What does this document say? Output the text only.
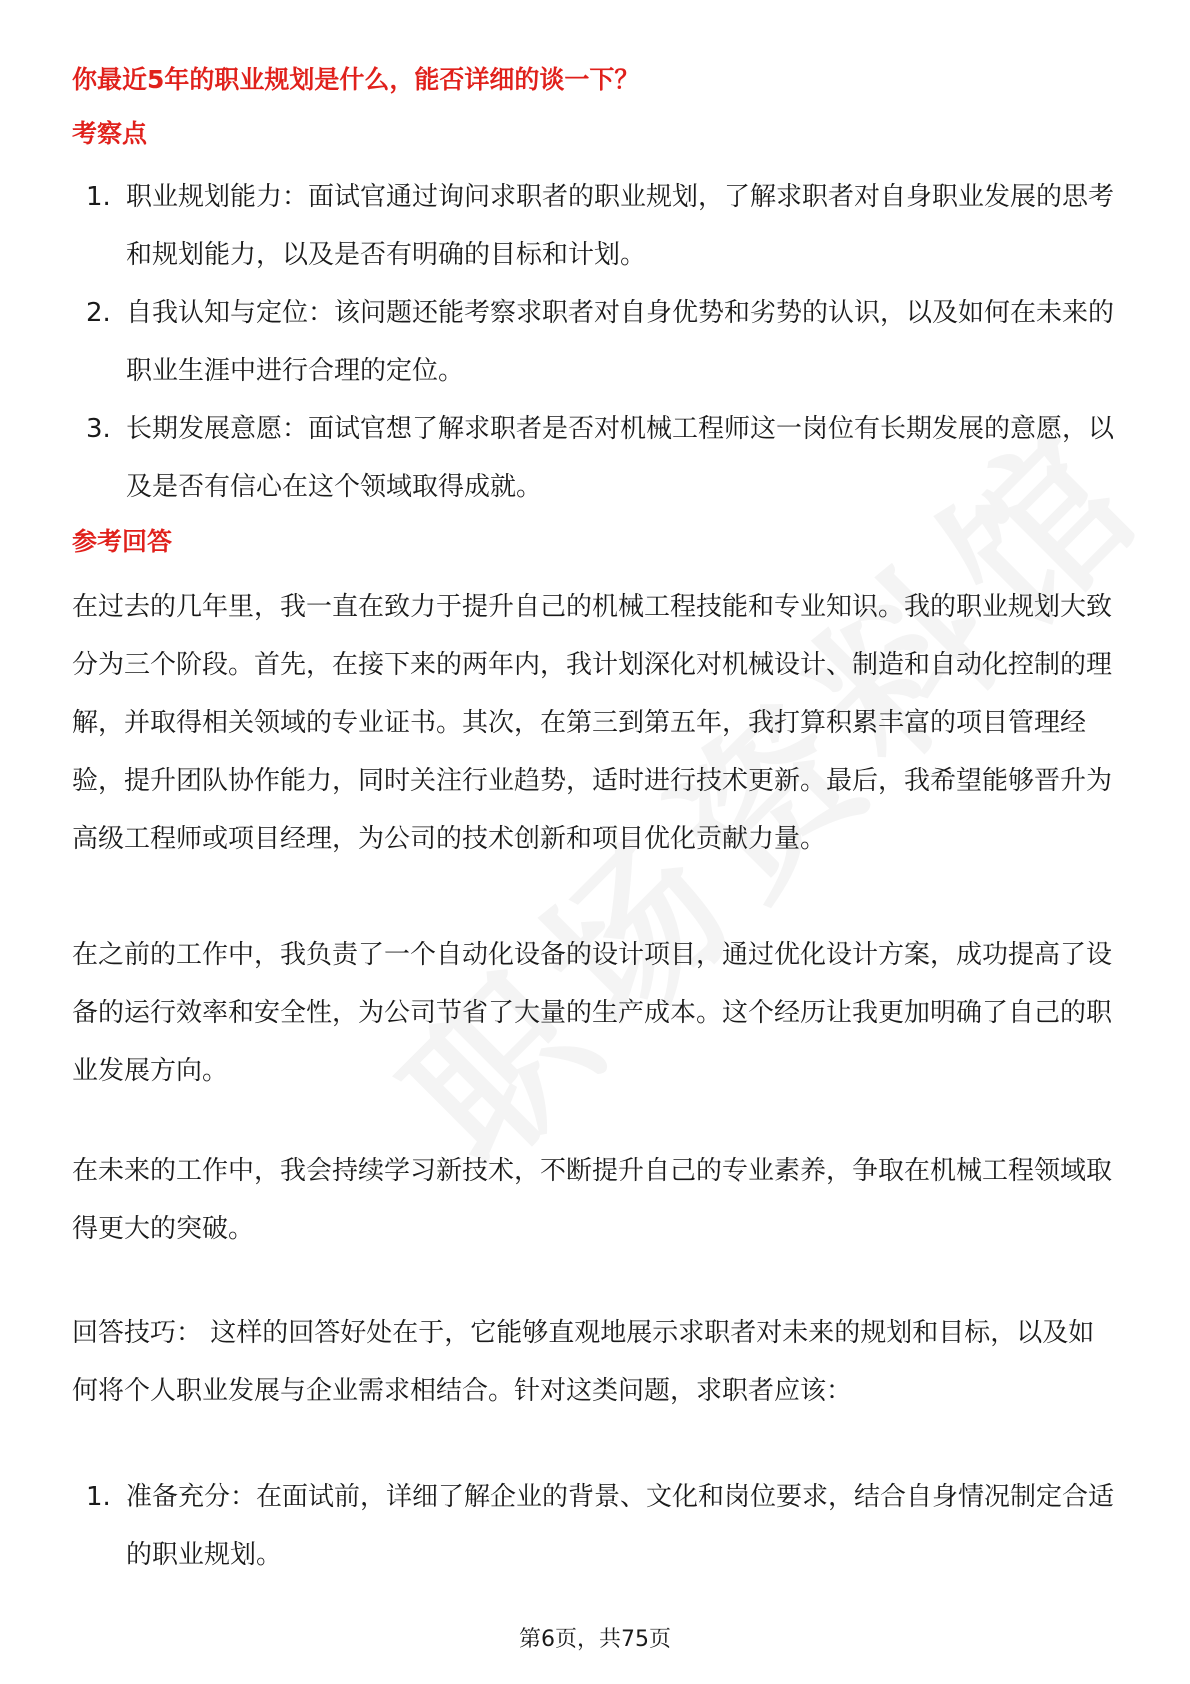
你最近5年的职业规划是什么，能否详细的谈一下？
考察点
1. 职业规划能力：面试官通过询问求职者的职业规划，了解求职者对自身职业发展的思考和规划能力，以及是否有明确的目标和计划。
2. 自我认知与定位：该问题还能考察求职者对自身优势和劣势的认识，以及如何在未来的职业生涯中进行合理的定位。
3. 长期发展意愿：面试官想了解求职者是否对机械工程师这一岗位有长期发展的意愿，以及是否有信心在这个领域取得成就。
参考回答

在过去的几年里，我一直在致力于提升自己的机械工程技能和专业知识。我的职业规划大致分为三个阶段。首先，在接下来的两年内，我计划深化对机械设计、制造和自动化控制的理解，并取得相关领域的专业证书。其次，在第三到第五年，我打算积累丰富的项目管理经验，提升团队协作能力，同时关注行业趋势，适时进行技术更新。最后，我希望能够晋升为高级工程师或项目经理，为公司的技术创新和项目优化贡献力量。

在之前的工作中，我负责了一个自动化设备的设计项目，通过优化设计方案，成功提高了设备的运行效率和安全性，为公司节省了大量的生产成本。这个经历让我更加明确了自己的职业发展方向。

在未来的工作中，我会持续学习新技术，不断提升自己的专业素养，争取在机械工程领域取得更大的突破。

回答技巧： 这样的回答好处在于，它能够直观地展示求职者对未来的规划和目标，以及如何将个人职业发展与企业需求相结合。针对这类问题，求职者应该：

1. 准备充分：在面试前，详细了解企业的背景、文化和岗位要求，结合自身情况制定合适的职业规划。
第6页，共75页
